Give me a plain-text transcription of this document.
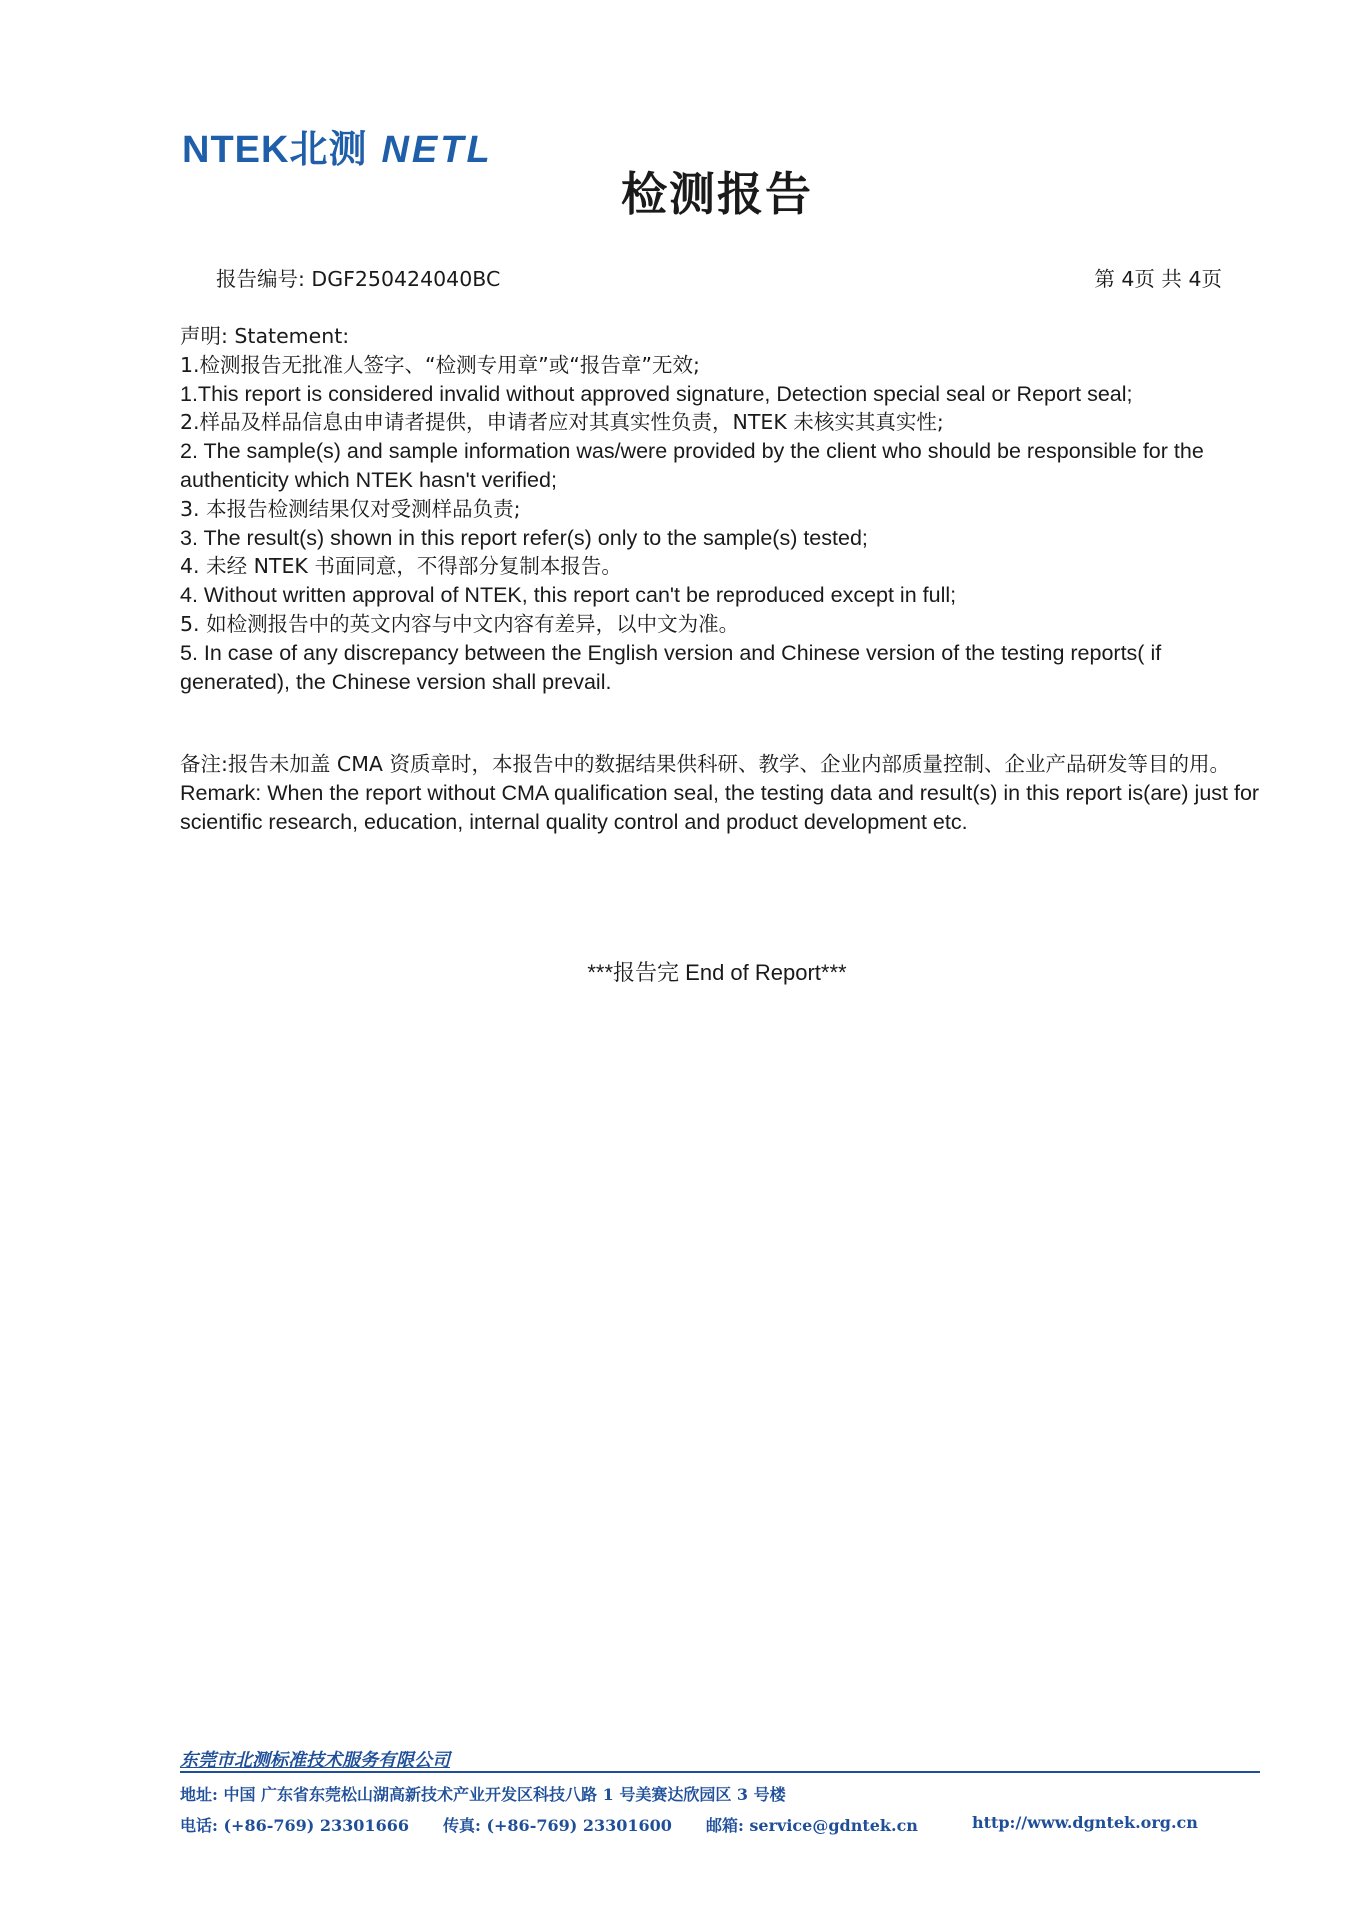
NTEK北测 NETL
检测报告
报告编号: DGF250424040BC	第 4页 共 4页

声明: Statement:

1.检测报告无批准人签字、“检测专用章”或“报告章”无效;

1.This report is considered invalid without approved signature, Detection special seal or Report seal;

2.样品及样品信息由申请者提供，申请者应对其真实性负责，NTEK 未核实其真实性;

2. The sample(s) and sample information was/were provided by the client who should be responsible for the authenticity which NTEK hasn't verified;

3. 本报告检测结果仅对受测样品负责;

3. The result(s) shown in this report refer(s) only to the sample(s) tested;

4. 未经 NTEK 书面同意，不得部分复制本报告。

4. Without written approval of NTEK, this report can't be reproduced except in full;

5. 如检测报告中的英文内容与中文内容有差异，以中文为准。

5. In case of any discrepancy between the English version and Chinese version of the testing reports( if generated), the Chinese version shall prevail.

备注:报告未加盖 CMA 资质章时，本报告中的数据结果供科研、教学、企业内部质量控制、企业产品研发等目的用。

Remark: When the report without CMA qualification seal, the testing data and result(s) in this report is(are) just for scientific research, education, internal quality control and product development etc.

***报告完 End of Report***
东莞市北测标准技术服务有限公司
地址: 中国 广东省东莞松山湖高新技术产业开发区科技八路 1 号美赛达欣园区 3 号楼
电话: (+86-769) 23301666 传真: (+86-769) 23301600 邮箱: service@gdntek.cn	http://www.dgntek.org.cn
